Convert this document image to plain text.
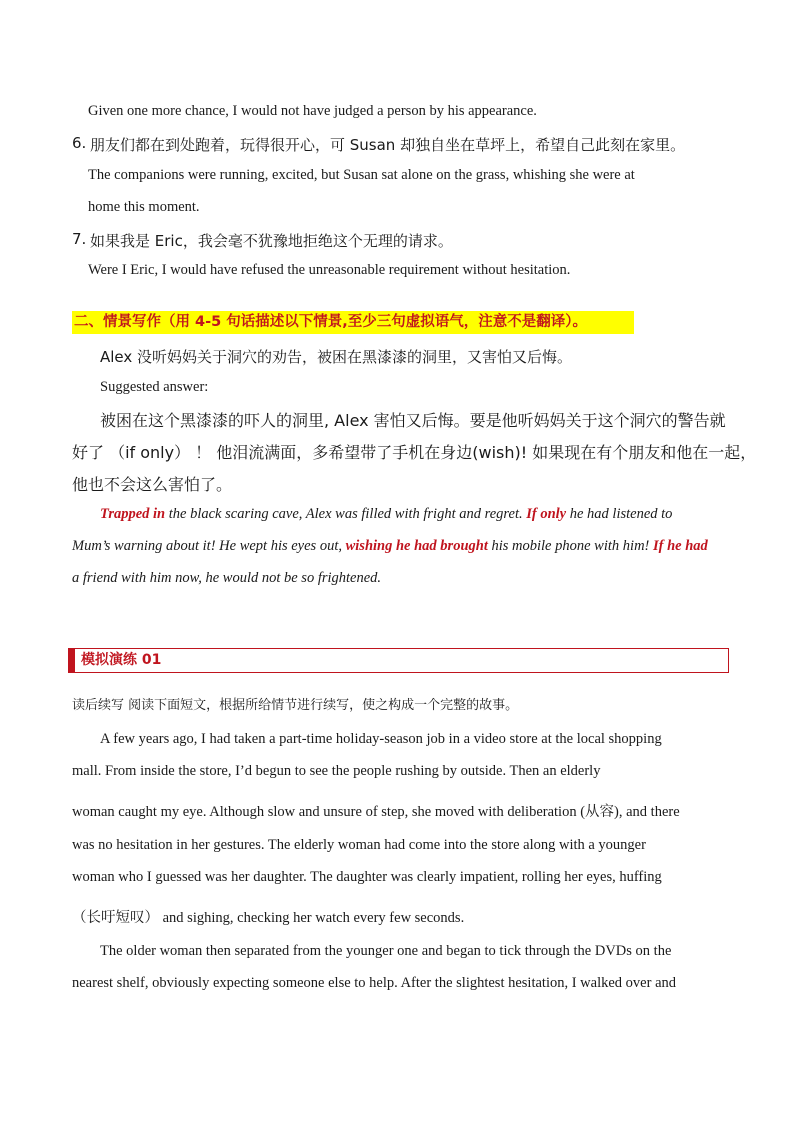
Given one more chance, I would not have judged a person by his appearance.
6. 朋友们都在到处跑着，玩得很开心，可 Susan 却独自坐在草坪上，希望自己此刻在家里。
The companions were running, excited, but Susan sat alone on the grass, whishing she were at
home this moment.
7. 如果我是 Eric，我会毫不犹豫地拒绝这个无理的请求。
Were I Eric, I would have refused the unreasonable requirement without hesitation.
二、情景写作（用 4-5 句话描述以下情景,至少三句虚拟语气，注意不是翻译）。
Alex 没听妈妈关于洞穴的劝告，被困在黑漆漆的洞里，又害怕又后悔。
Suggested answer:
被困在这个黑漆漆的吓人的洞里, Alex 害怕又后悔。要是他听妈妈关于这个洞穴的警告就
好了 （if only） ！ 他泪流满面，多希望带了手机在身边(wish)! 如果现在有个朋友和他在一起，
他也不会这么害怕了。
Trapped in the black scaring cave, Alex was filled with fright and regret. If only he had listened to
Mum’s warning about it! He wept his eyes out, wishing he had brought his mobile phone with him! If he had
a friend with him now, he would not be so frightened.
模拟演练 01
读后续写 阅读下面短文，根据所给情节进行续写，使之构成一个完整的故事。
A few years ago, I had taken a part-time holiday-season job in a video store at the local shopping
mall. From inside the store, I’d begun to see the people rushing by outside. Then an elderly
woman caught my eye. Although slow and unsure of step, she moved with deliberation (从容), and there
was no hesitation in her gestures. The elderly woman had come into the store along with a younger
woman who I guessed was her daughter. The daughter was clearly impatient, rolling her eyes, huffing
（长吁短叹） and sighing, checking her watch every few seconds.
The older woman then separated from the younger one and began to tick through the DVDs on the
nearest shelf, obviously expecting someone else to help. After the slightest hesitation, I walked over and
